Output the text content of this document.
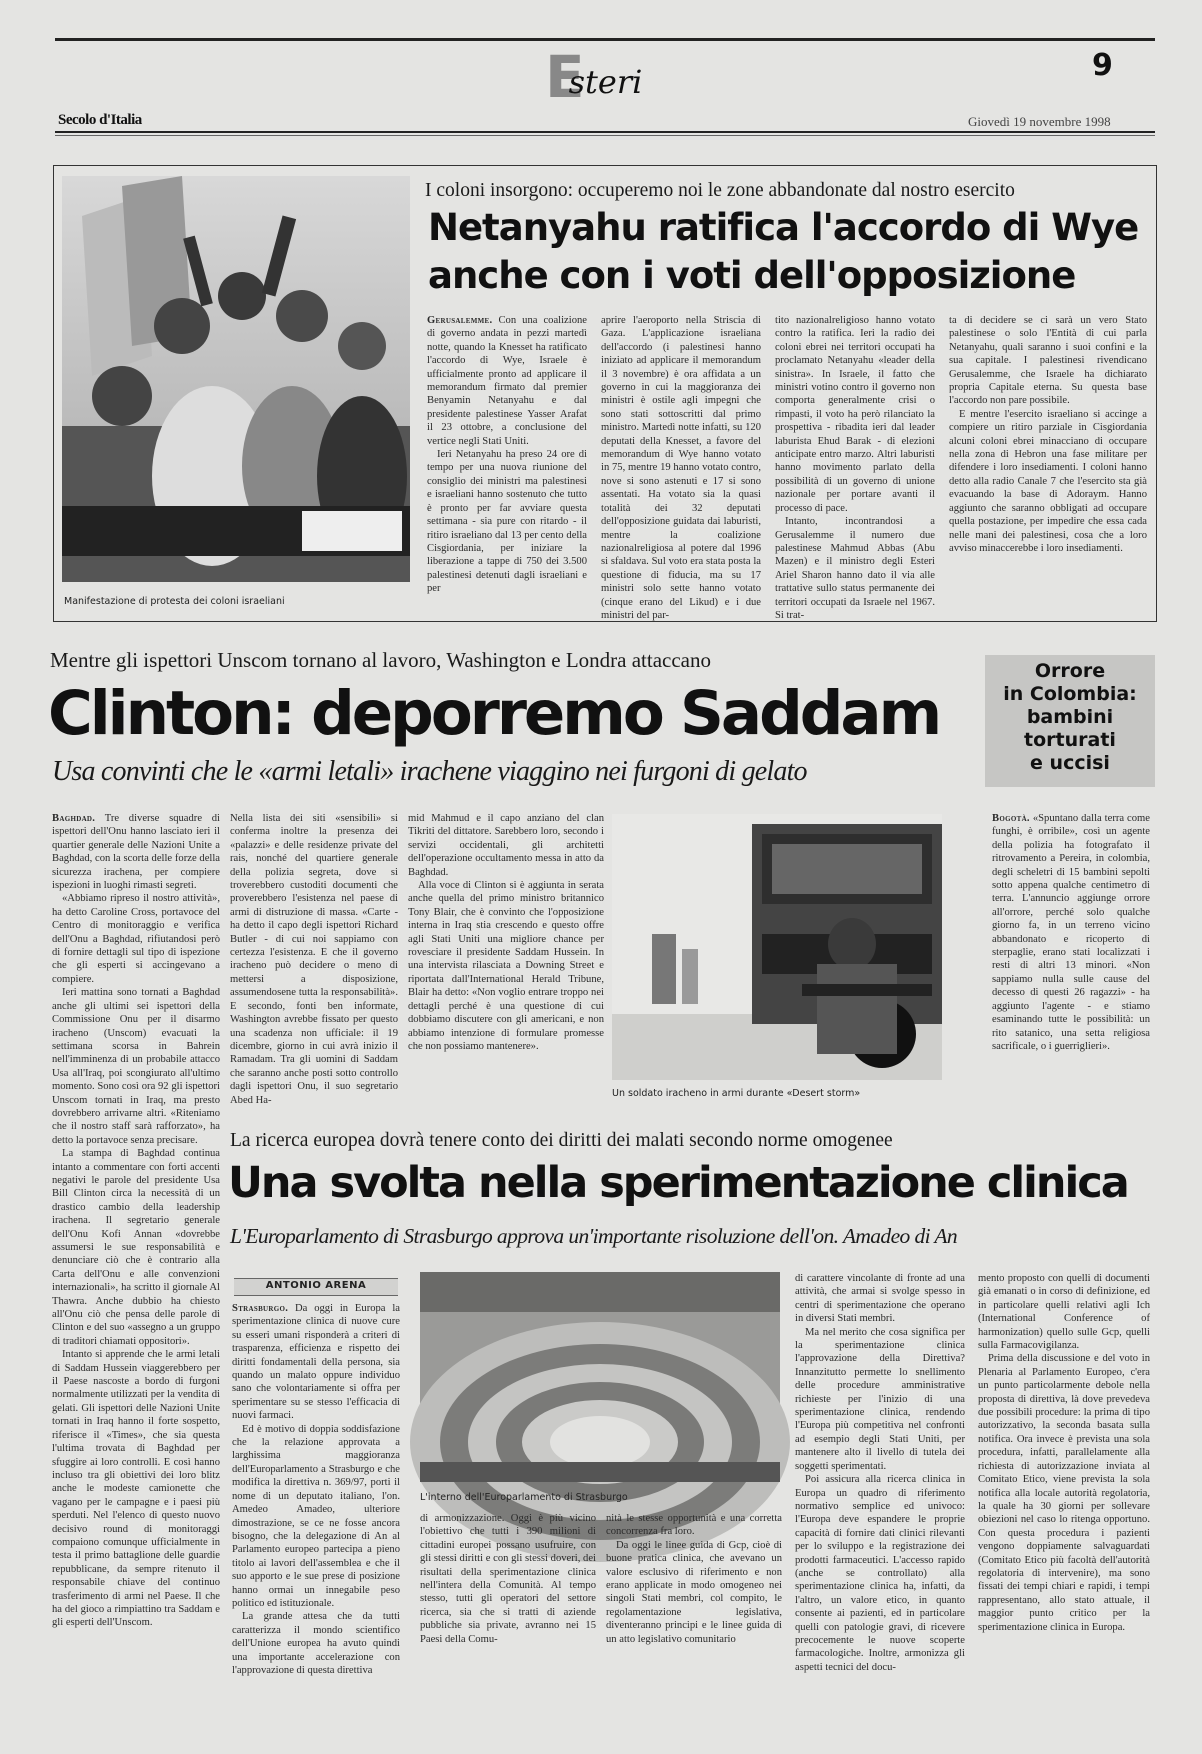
Esteri	9
Secolo d'Italia	Giovedì 19 novembre 1998
Manifestazione di protesta dei coloni israeliani
I coloni insorgono: occuperemo noi le zone abbandonate dal nostro esercito
Netanyahu ratifica l'accordo di Wye
anche con i voti dell'opposizione

Gerusalemme. Con una coalizione di governo andata in pezzi martedì notte, quando la Knesset ha ratificato l'accordo di Wye, Israele è ufficialmente pronto ad applicare il memorandum firmato dal premier Benyamin Netanyahu e dal presidente palestinese Yasser Arafat il 23 ottobre, a conclusione del vertice negli Stati Uniti.

Ieri Netanyahu ha preso 24 ore di tempo per una nuova riunione del consiglio dei ministri ma palestinesi e israeliani hanno sostenuto che tutto è pronto per far avviare questa settimana - sia pure con ritardo - il ritiro israeliano dal 13 per cento della Cisgiordania, per iniziare la liberazione a tappe di 750 dei 3.500 palestinesi detenuti dagli israeliani e per

aprire l'aeroporto nella Striscia di Gaza. L'applicazione israeliana dell'accordo (i palestinesi hanno iniziato ad applicare il memorandum il 3 novembre) è ora affidata a un governo in cui la maggioranza dei ministri è ostile agli impegni che sono stati sottoscritti dal primo ministro. Martedì notte infatti, su 120 deputati della Knesset, a favore del memorandum di Wye hanno votato in 75, mentre 19 hanno votato contro, nove si sono astenuti e 17 si sono assentati. Ha votato sia la quasi totalità dei 32 deputati dell'opposizione guidata dai laburisti, mentre la coalizione nazionalreligiosa al potere dal 1996 si sfaldava. Sul voto era stata posta la questione di fiducia, ma su 17 ministri solo sette hanno votato (cinque erano del Likud) e i due ministri del par-

tito nazionalreligioso hanno votato contro la ratifica. Ieri la radio dei coloni ebrei nei territori occupati ha proclamato Netanyahu «leader della sinistra». In Israele, il fatto che ministri votino contro il governo non comporta generalmente crisi o rimpasti, il voto ha però rilanciato la prospettiva - ribadita ieri dal leader laburista Ehud Barak - di elezioni anticipate entro marzo. Altri laburisti hanno movimento parlato della possibilità di un governo di unione nazionale per portare avanti il processo di pace.

Intanto, incontrandosi a Gerusalemme il numero due palestinese Mahmud Abbas (Abu Mazen) e il ministro degli Esteri Ariel Sharon hanno dato il via alle trattative sullo status permanente dei territori occupati da Israele nel 1967. Si trat-

ta di decidere se ci sarà un vero Stato palestinese o solo l'Entità di cui parla Netanyahu, quali saranno i suoi confini e la sua capitale. I palestinesi rivendicano Gerusalemme, che Israele ha dichiarato propria Capitale eterna. Su questa base l'accordo non pare possibile.

E mentre l'esercito israeliano si accinge a compiere un ritiro parziale in Cisgiordania alcuni coloni ebrei minacciano di occupare nella zona di Hebron una fase militare per difendere i loro insediamenti. I coloni hanno detto alla radio Canale 7 che l'esercito sta già evacuando la base di Adoraym. Hanno aggiunto che saranno obbligati ad occupare quella postazione, per impedire che essa cada nelle mani dei palestinesi, cosa che a loro avviso minaccerebbe i loro insediamenti.

Mentre gli ispettori Unscom tornano al lavoro, Washington e Londra attaccano
Clinton: deporremo Saddam
Usa convinti che le «armi letali» irachene viaggino nei furgoni di gelato

Baghdad. Tre diverse squadre di ispettori dell'Onu hanno lasciato ieri il quartier generale delle Nazioni Unite a Baghdad, con la scorta delle forze della sicurezza irachena, per compiere ispezioni in luoghi rimasti segreti.

«Abbiamo ripreso il nostro attività», ha detto Caroline Cross, portavoce del Centro di monitoraggio e verifica dell'Onu a Baghdad, rifiutandosi però di fornire dettagli sul tipo di ispezione che gli esperti si accingevano a compiere.

Ieri mattina sono tornati a Baghdad anche gli ultimi sei ispettori della Commissione Onu per il disarmo iracheno (Unscom) evacuati la settimana scorsa in Bahrein nell'imminenza di un probabile attacco Usa all'Iraq, poi scongiurato all'ultimo momento. Sono così ora 92 gli ispettori Unscom tornati in Iraq, ma presto dovrebbero arrivarne altri. «Riteniamo che il nostro staff sarà rafforzato», ha detto la portavoce senza precisare.

La stampa di Baghdad continua intanto a commentare con forti accenti negativi le parole del presidente Usa Bill Clinton circa la necessità di un drastico cambio della leadership irachena. Il segretario generale dell'Onu Kofi Annan «dovrebbe assumersi le sue responsabilità e denunciare ciò che è contrario alla Carta dell'Onu e alle convenzioni internazionali», ha scritto il giornale Al Thawra. Anche dubbio ha chiesto all'Onu ciò che pensa delle parole di Clinton e del suo «assegno a un gruppo di traditori chiamati oppositori».

Intanto si apprende che le armi letali di Saddam Hussein viaggerebbero per il Paese nascoste a bordo di furgoni normalmente utilizzati per la vendita di gelati. Gli ispettori delle Nazioni Unite tornati in Iraq hanno il forte sospetto, riferisce il «Times», che sia questa l'ultima trovata di Baghdad per sfuggire ai loro controlli. E così hanno incluso tra gli obiettivi dei loro blitz anche le modeste camionette che vagano per le campagne e i paesi più sperduti. Nel l'elenco di questo nuovo decisivo round di monitoraggi compaiono comunque ufficialmente in testa il primo battaglione delle guardie repubblicane, da sempre ritenuto il responsabile chiave del continuo trasferimento di armi nel Paese. Il che ha del gioco a rimpiattino tra Saddam e gli esperti dell'Unscom.

Nella lista dei siti «sensibili» si conferma inoltre la presenza dei «palazzi» e delle residenze private del rais, nonché del quartiere generale della polizia segreta, dove si troverebbero custoditi documenti che proverebbero l'esistenza nel paese di armi di distruzione di massa. «Carte - ha detto il capo degli ispettori Richard Butler - di cui noi sappiamo con certezza l'esistenza. E che il governo iracheno può decidere o meno di mettersi a disposizione, assumendosene tutta la responsabilità». E secondo, fonti ben informate, Washington avrebbe fissato per questo una scadenza non ufficiale: il 19 dicembre, giorno in cui avrà inizio il Ramadam. Tra gli uomini di Saddam che saranno anche posti sotto controllo dagli ispettori Onu, il suo segretario Abed Ha-

mid Mahmud e il capo anziano del clan Tikriti del dittatore. Sarebbero loro, secondo i servizi occidentali, gli architetti dell'operazione occultamento messa in atto da Baghdad.

Alla voce di Clinton si è aggiunta in serata anche quella del primo ministro britannico Tony Blair, che è convinto che l'opposizione interna in Iraq stia crescendo e questo offre agli Stati Uniti una migliore chance per rovesciare il presidente Saddam Hussein. In una intervista rilasciata a Downing Street e riportata dall'International Herald Tribune, Blair ha detto: «Non voglio entrare troppo nei dettagli perché è una questione di cui dobbiamo discutere con gli americani, e non abbiamo intenzione di formulare promesse che non possiamo mantenere».

Un soldato iracheno in armi durante «Desert storm»
Orrore
in Colombia:
bambini
torturati
e uccisi

Bogotà. «Spuntano dalla terra come funghi, è orribile», così un agente della polizia ha fotografato il ritrovamento a Pereira, in colombia, degli scheletri di 15 bambini sepolti sotto appena qualche centimetro di terra. L'annuncio aggiunge orrore all'orrore, perché solo qualche giorno fa, in un terreno vicino abbandonato e ricoperto di sterpaglie, erano stati localizzati i resti di altri 13 minori. «Non sappiamo nulla sulle cause del decesso di questi 26 ragazzi» - ha aggiunto l'agente - e stiamo esaminando tutte le possibilità: un rito satanico, una setta religiosa sacrificale, o i guerriglieri».

La ricerca europea dovrà tenere conto dei diritti dei malati secondo norme omogenee
Una svolta nella sperimentazione clinica
L'Europarlamento di Strasburgo approva un'importante risoluzione dell'on. Amadeo di An
ANTONIO ARENA

Strasburgo. Da oggi in Europa la sperimentazione clinica di nuove cure su esseri umani risponderà a criteri di trasparenza, efficienza e rispetto dei diritti fondamentali della persona, sia quando un malato oppure individuo sano che volontariamente si offra per sperimentare su se stesso l'efficacia di nuovi farmaci.

Ed è motivo di doppia soddisfazione che la relazione approvata a larghissima maggioranza dell'Europarlamento a Strasburgo e che modifica la direttiva n. 369/97, porti il nome di un deputato italiano, l'on. Amedeo Amadeo, ulteriore dimostrazione, se ce ne fosse ancora bisogno, che la delegazione di An al Parlamento europeo partecipa a pieno titolo ai lavori dell'assemblea e che il suo apporto e le sue prese di posizione hanno ormai un innegabile peso politico ed istituzionale.

La grande attesa che da tutti caratterizza il mondo scientifico dell'Unione europea ha avuto quindi una importante accelerazione con l'approvazione di questa direttiva

L'interno dell'Europarlamento di Strasburgo

di armonizzazione. Oggi è più vicino l'obiettivo che tutti i 390 milioni di cittadini europei possano usufruire, con gli stessi diritti e con gli stessi doveri, dei risultati della sperimentazione clinica nell'intera della Comunità. Al tempo stesso, tutti gli operatori del settore ricerca, sia che si tratti di aziende pubbliche sia private, avranno nei 15 Paesi della Comu-

nità le stesse opportunità e una corretta concorrenza fra loro.

Da oggi le linee guida di Gcp, cioè di buone pratica clinica, che avevano un valore esclusivo di riferimento e non erano applicate in modo omogeneo nei singoli Stati membri, col compito, le regolamentazione legislativa, diventeranno principi e le linee guida di un atto legislativo comunitario

di carattere vincolante di fronte ad una attività, che armai si svolge spesso in centri di sperimentazione che operano in diversi Stati membri.

Ma nel merito che cosa significa per la sperimentazione clinica l'approvazione della Direttiva? Innanzitutto permette lo snellimento delle procedure amministrative richieste per l'inizio di una sperimentazione clinica, rendendo l'Europa più competitiva nel confronti ad esempio degli Stati Uniti, per mantenere alto il livello di tutela dei soggetti sperimentati.

Poi assicura alla ricerca clinica in Europa un quadro di riferimento normativo semplice ed univoco: l'Europa deve espandere le proprie capacità di fornire dati clinici rilevanti per lo sviluppo e la registrazione dei prodotti farmaceutici. L'accesso rapido (anche se controllato) alla sperimentazione clinica ha, infatti, da l'altro, un valore etico, in quanto consente ai pazienti, ed in particolare quelli con patologie gravi, di ricevere precocemente le nuove scoperte farmacologiche. Inoltre, armonizza gli aspetti tecnici del docu-

mento proposto con quelli di documenti già emanati o in corso di definizione, ed in particolare quelli relativi agli Ich (International Conference of harmonization) quello sulle Gcp, quelli sulla Farmacovigilanza.

Prima della discussione e del voto in Plenaria al Parlamento Europeo, c'era un punto particolarmente debole nella proposta di direttiva, là dove prevedeva due possibili procedure: la prima di tipo autorizzativo, la seconda basata sulla notifica. Ora invece è prevista una sola procedura, infatti, parallelamente alla richiesta di autorizzazione inviata al Comitato Etico, viene prevista la sola notifica alla locale autorità regolatoria, la quale ha 30 giorni per sollevare obiezioni nel caso lo ritenga opportuno. Con questa procedura i pazienti vengono doppiamente salvaguardati (Comitato Etico più facoltà dell'autorità regolatoria di intervenire), ma sono fissati dei tempi chiari e rapidi, i tempi rappresentano, allo stato attuale, il maggior punto critico per la sperimentazione clinica in Europa.
